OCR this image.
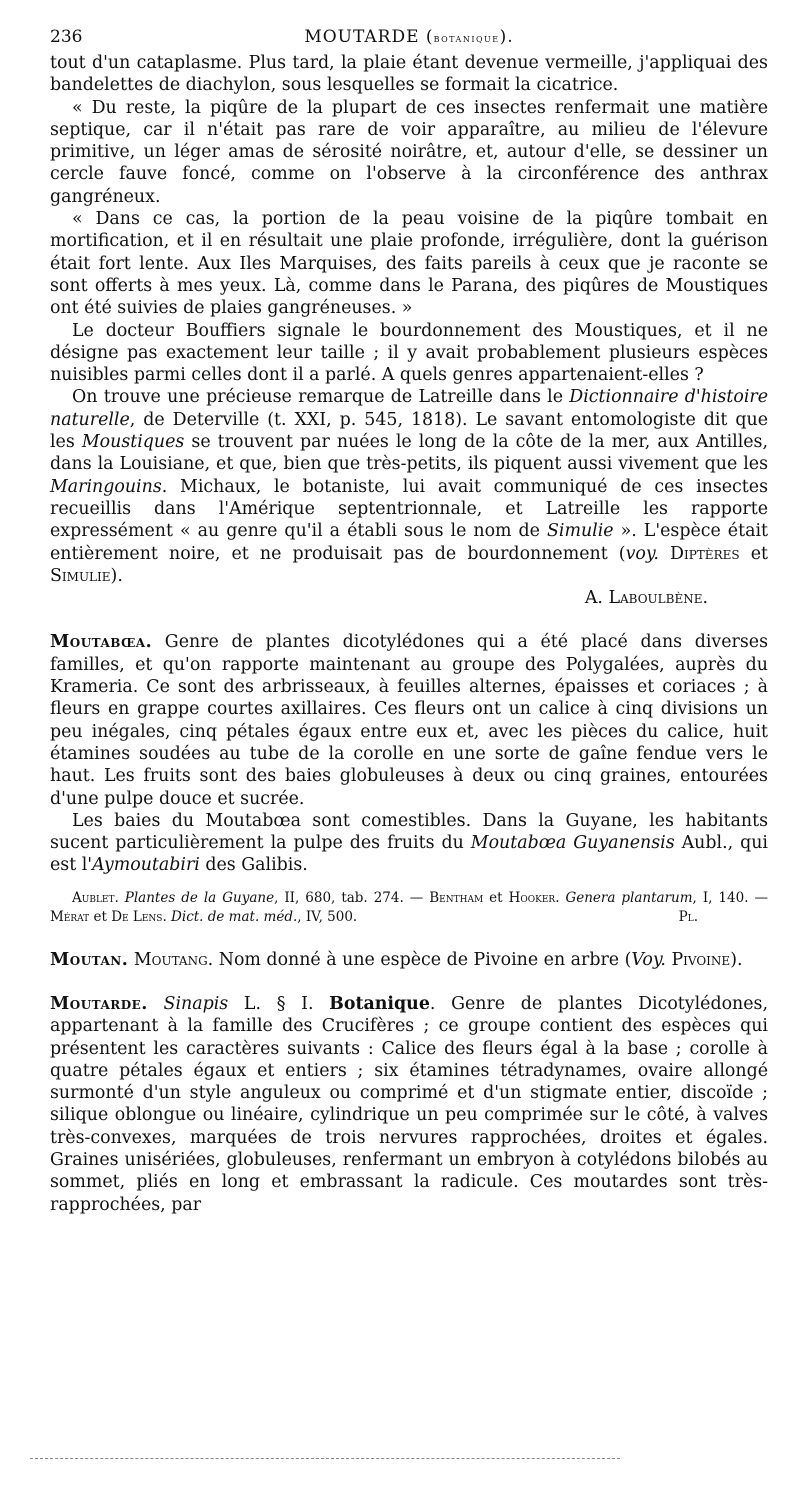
236	MOUTARDE (botanique).

tout d'un cataplasme. Plus tard, la plaie étant devenue vermeille, j'appliquai des bandelettes de diachylon, sous lesquelles se formait la cicatrice.

« Du reste, la piqûre de la plupart de ces insectes renfermait une matière septique, car il n'était pas rare de voir apparaître, au milieu de l'élevure primitive, un léger amas de sérosité noirâtre, et, autour d'elle, se dessiner un cercle fauve foncé, comme on l'observe à la circonférence des anthrax gangréneux.

« Dans ce cas, la portion de la peau voisine de la piqûre tombait en mortification, et il en résultait une plaie profonde, irrégulière, dont la guérison était fort lente. Aux Iles Marquises, des faits pareils à ceux que je raconte se sont offerts à mes yeux. Là, comme dans le Parana, des piqûres de Moustiques ont été suivies de plaies gangréneuses. »

Le docteur Bouffiers signale le bourdonnement des Moustiques, et il ne désigne pas exactement leur taille ; il y avait probablement plusieurs espèces nuisibles parmi celles dont il a parlé. A quels genres appartenaient-elles ?

On trouve une précieuse remarque de Latreille dans le Dictionnaire d'histoire naturelle, de Deterville (t. XXI, p. 545, 1818). Le savant entomologiste dit que les Moustiques se trouvent par nuées le long de la côte de la mer, aux Antilles, dans la Louisiane, et que, bien que très-petits, ils piquent aussi vivement que les Maringouins. Michaux, le botaniste, lui avait communiqué de ces insectes recueillis dans l'Amérique septentrionnale, et Latreille les rapporte expressément « au genre qu'il a établi sous le nom de Simulie ». L'espèce était entièrement noire, et ne produisait pas de bourdonnement (voy. Diptères et Simulie).

A. Laboulbène.

Moutabœa. Genre de plantes dicotylédones qui a été placé dans diverses familles, et qu'on rapporte maintenant au groupe des Polygalées, auprès du Krameria. Ce sont des arbrisseaux, à feuilles alternes, épaisses et coriaces ; à fleurs en grappe courtes axillaires. Ces fleurs ont un calice à cinq divisions un peu inégales, cinq pétales égaux entre eux et, avec les pièces du calice, huit étamines soudées au tube de la corolle en une sorte de gaîne fendue vers le haut. Les fruits sont des baies globuleuses à deux ou cinq graines, entourées d'une pulpe douce et sucrée.

Les baies du Moutabœa sont comestibles. Dans la Guyane, les habitants sucent particulièrement la pulpe des fruits du Moutabœa Guyanensis Aubl., qui est l'Aymoutabiri des Galibis.

Aublet. Plantes de la Guyane, II, 680, tab. 274. — Bentham et Hooker. Genera plantarum, I, 140. — Mérat et De Lens. Dict. de mat. méd., IV, 500.	Pl.

Moutan. Moutang. Nom donné à une espèce de Pivoine en arbre (Voy. Pivoine).

Moutarde. Sinapis L. § I. Botanique. Genre de plantes Dicotylédones, appartenant à la famille des Crucifères ; ce groupe contient des espèces qui présentent les caractères suivants : Calice des fleurs égal à la base ; corolle à quatre pétales égaux et entiers ; six étamines tétradynames, ovaire allongé surmonté d'un style anguleux ou comprimé et d'un stigmate entier, discoïde ; silique oblongue ou linéaire, cylindrique un peu comprimée sur le côté, à valves très-convexes, marquées de trois nervures rapprochées, droites et égales. Graines unisériées, globuleuses, renfermant un embryon à cotylédons bilobés au sommet, pliés en long et embrassant la radicule. Ces moutardes sont très-rapprochées, par
